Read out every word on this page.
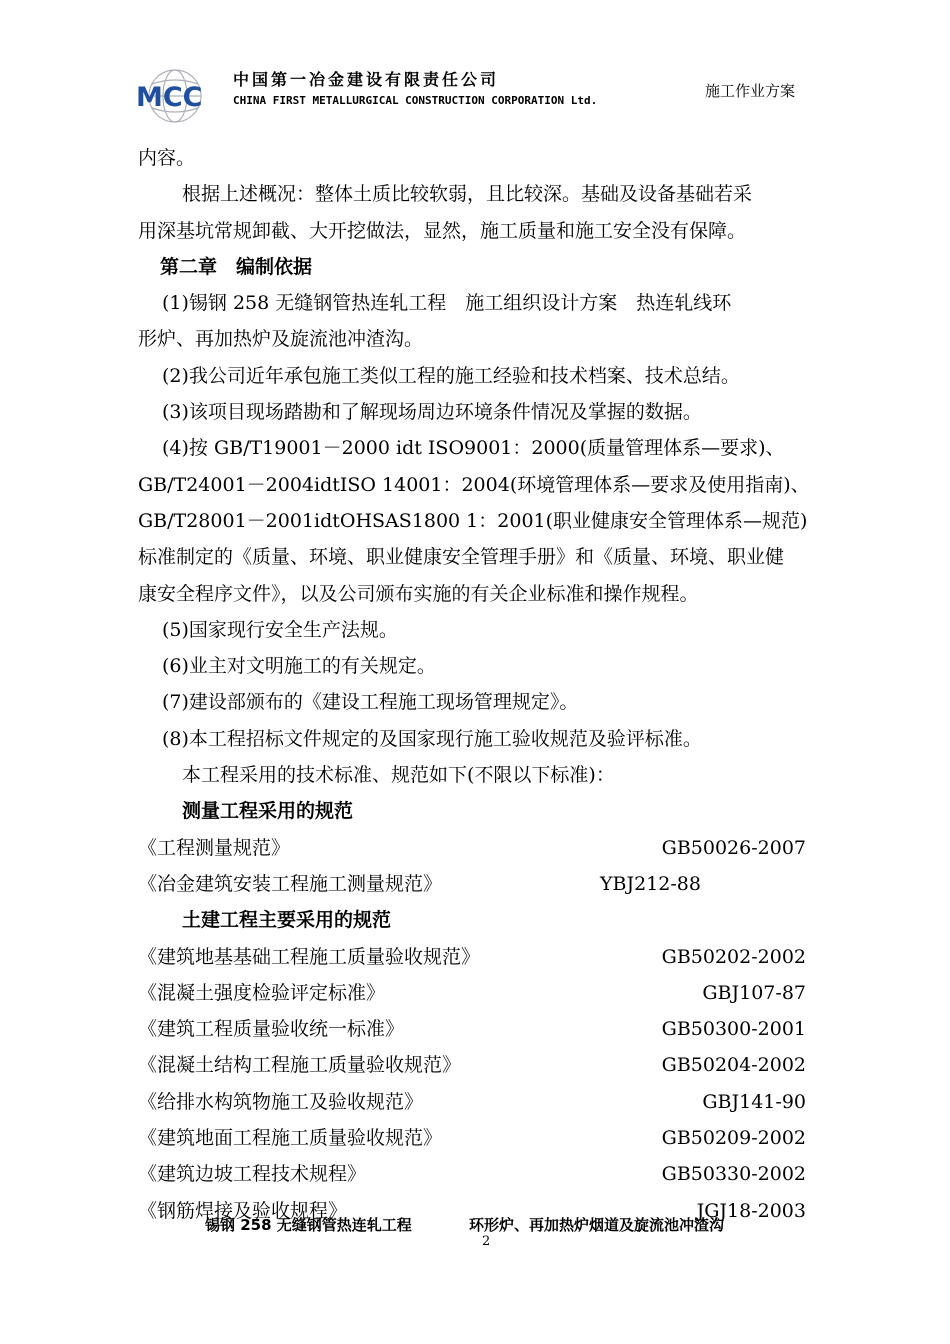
MCC
中国第一冶金建设有限责任公司
CHINA FIRST METALLURGICAL CONSTRUCTION CORPORATION Ltd.
施工作业方案
内容。
根据上述概况：整体土质比较软弱，且比较深。基础及设备基础若采
用深基坑常规卸截、大开挖做法，显然，施工质量和施工安全没有保障。
第二章　编制依据
(1)锡钢 258 无缝钢管热连轧工程　施工组织设计方案　热连轧线环
形炉、再加热炉及旋流池冲渣沟。
(2)我公司近年承包施工类似工程的施工经验和技术档案、技术总结。
(3)该项目现场踏勘和了解现场周边环境条件情况及掌握的数据。
(4)按 GB/T19001－2000 idt ISO9001：2000(质量管理体系—要求)、
GB/T24001－2004idtISO 14001：2004(环境管理体系—要求及使用指南)、
GB/T28001－2001idtOHSAS1800 1：2001(职业健康安全管理体系—规范)
标准制定的《质量、环境、职业健康安全管理手册》和《质量、环境、职业健
康安全程序文件》，以及公司颁布实施的有关企业标准和操作规程。
(5)国家现行安全生产法规。
(6)业主对文明施工的有关规定。
(7)建设部颁布的《建设工程施工现场管理规定》。
(8)本工程招标文件规定的及国家现行施工验收规范及验评标准。
本工程采用的技术标准、规范如下(不限以下标准)：
测量工程采用的规范
《工程测量规范》	GB50026-2007
《冶金建筑安装工程施工测量规范》	YBJ212-88
土建工程主要采用的规范
《建筑地基基础工程施工质量验收规范》	GB50202-2002
《混凝土强度检验评定标准》	GBJ107-87
《建筑工程质量验收统一标准》	GB50300-2001
《混凝土结构工程施工质量验收规范》	GB50204-2002
《给排水构筑物施工及验收规范》	GBJ141-90
《建筑地面工程施工质量验收规范》	GB50209-2002
《建筑边坡工程技术规程》	GB50330-2002
《钢筋焊接及验收规程》	JGJ18-2003
锡钢 258 无缝钢管热连轧工程	环形炉、再加热炉烟道及旋流池冲渣沟
2
